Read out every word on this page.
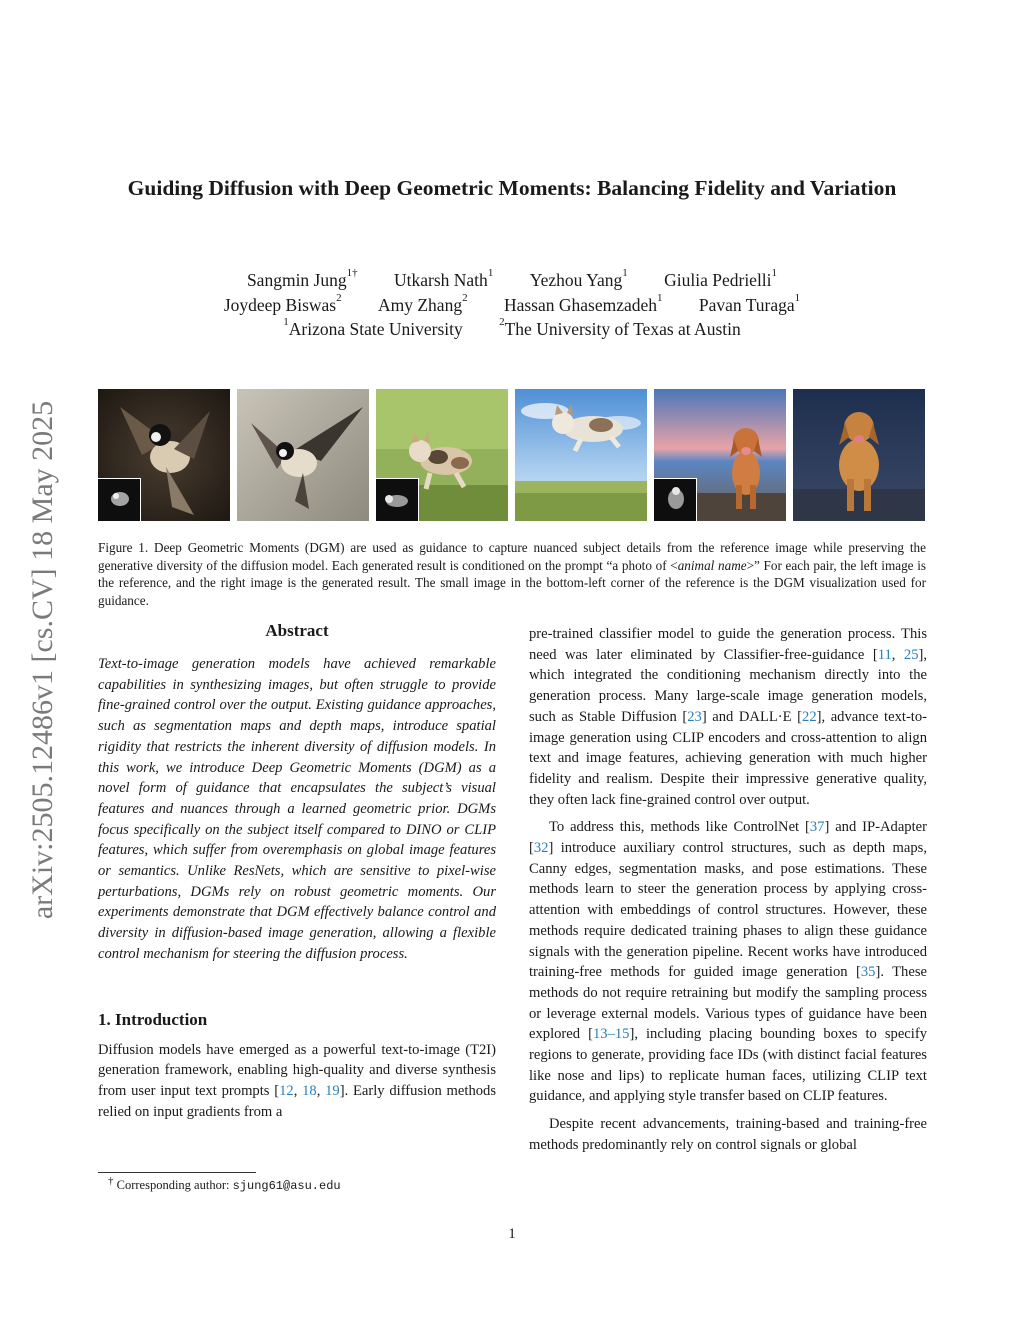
arXiv:2505.12486v1 [cs.CV] 18 May 2025
Guiding Diffusion with Deep Geometric Moments: Balancing Fidelity and Variation
Sangmin Jung$^{1\dagger}$ Utkarsh Nath$^1$ Yezhou Yang$^1$ Giulia Pedrielli$^1$
Joydeep Biswas$^2$ Amy Zhang$^2$ Hassan Ghasemzadeh$^1$ Pavan Turaga$^1$
$^1$Arizona State University	$^2$The University of Texas at Austin
Figure 1. Deep Geometric Moments (DGM) are used as guidance to capture nuanced subject details from the reference image while preserving the generative diversity of the diffusion model. Each generated result is conditioned on the prompt “a photo of <animal name>” For each pair, the left image is the reference, and the right image is the generated result. The small image in the bottom-left corner of the reference is the DGM visualization used for guidance.
Abstract

Text-to-image generation models have achieved remarkable capabilities in synthesizing images, but often struggle to provide fine-grained control over the output. Existing guidance approaches, such as segmentation maps and depth maps, introduce spatial rigidity that restricts the inherent diversity of diffusion models. In this work, we introduce Deep Geometric Moments (DGM) as a novel form of guidance that encapsulates the subject’s visual features and nuances through a learned geometric prior. DGMs focus specifically on the subject itself compared to DINO or CLIP features, which suffer from overemphasis on global image features or semantics. Unlike ResNets, which are sensitive to pixel-wise perturbations, DGMs rely on robust geometric moments. Our experiments demonstrate that DGM effectively balance control and diversity in diffusion-based image generation, allowing a flexible control mechanism for steering the diffusion process.

1. Introduction

Diffusion models have emerged as a powerful text-to-image (T2I) generation framework, enabling high-quality and diverse synthesis from user input text prompts [12, 18, 19]. Early diffusion methods relied on input gradients from a

pre-trained classifier model to guide the generation process. This need was later eliminated by Classifier-free-guidance [11, 25], which integrated the conditioning mechanism directly into the generation process. Many large-scale image generation models, such as Stable Diffusion [23] and DALL·E [22], advance text-to-image generation using CLIP encoders and cross-attention to align text and image features, achieving generation with much higher fidelity and realism. Despite their impressive generative quality, they often lack fine-grained control over output.

To address this, methods like ControlNet [37] and IP-Adapter [32] introduce auxiliary control structures, such as depth maps, Canny edges, segmentation masks, and pose estimations. These methods learn to steer the generation process by applying cross-attention with embeddings of control structures. However, these methods require dedicated training phases to align these guidance signals with the generation pipeline. Recent works have introduced training-free methods for guided image generation [35]. These methods do not require retraining but modify the sampling process or leverage external models. Various types of guidance have been explored [13–15], including placing bounding boxes to specify regions to generate, providing face IDs (with distinct facial features like nose and lips) to replicate human faces, utilizing CLIP text guidance, and applying style transfer based on CLIP features.

Despite recent advancements, training-based and training-free methods predominantly rely on control signals or global

† Corresponding author: sjung61@asu.edu
1
